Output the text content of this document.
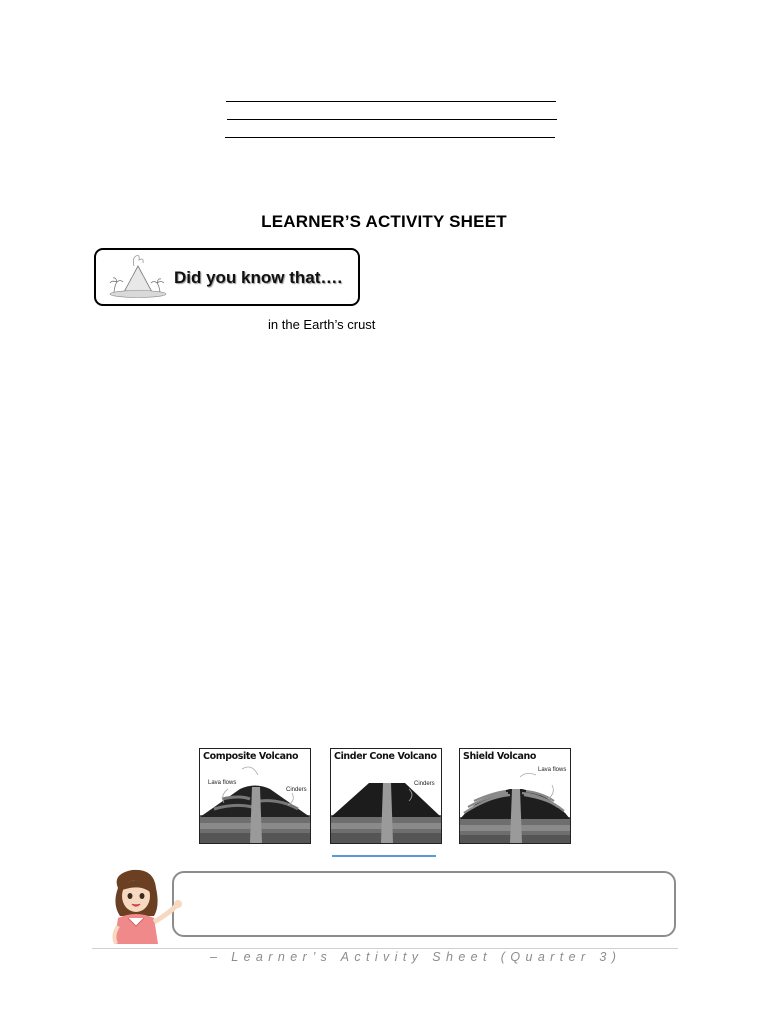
LEARNER’S ACTIVITY SHEET
Did you know that….
in the Earth’s crust
Composite Volcano
Lava flows
Cinders
Cinder Cone Volcano
Cinders
Shield Volcano
Lava flows
– Learner’s Activity Sheet (Quarter 3)
